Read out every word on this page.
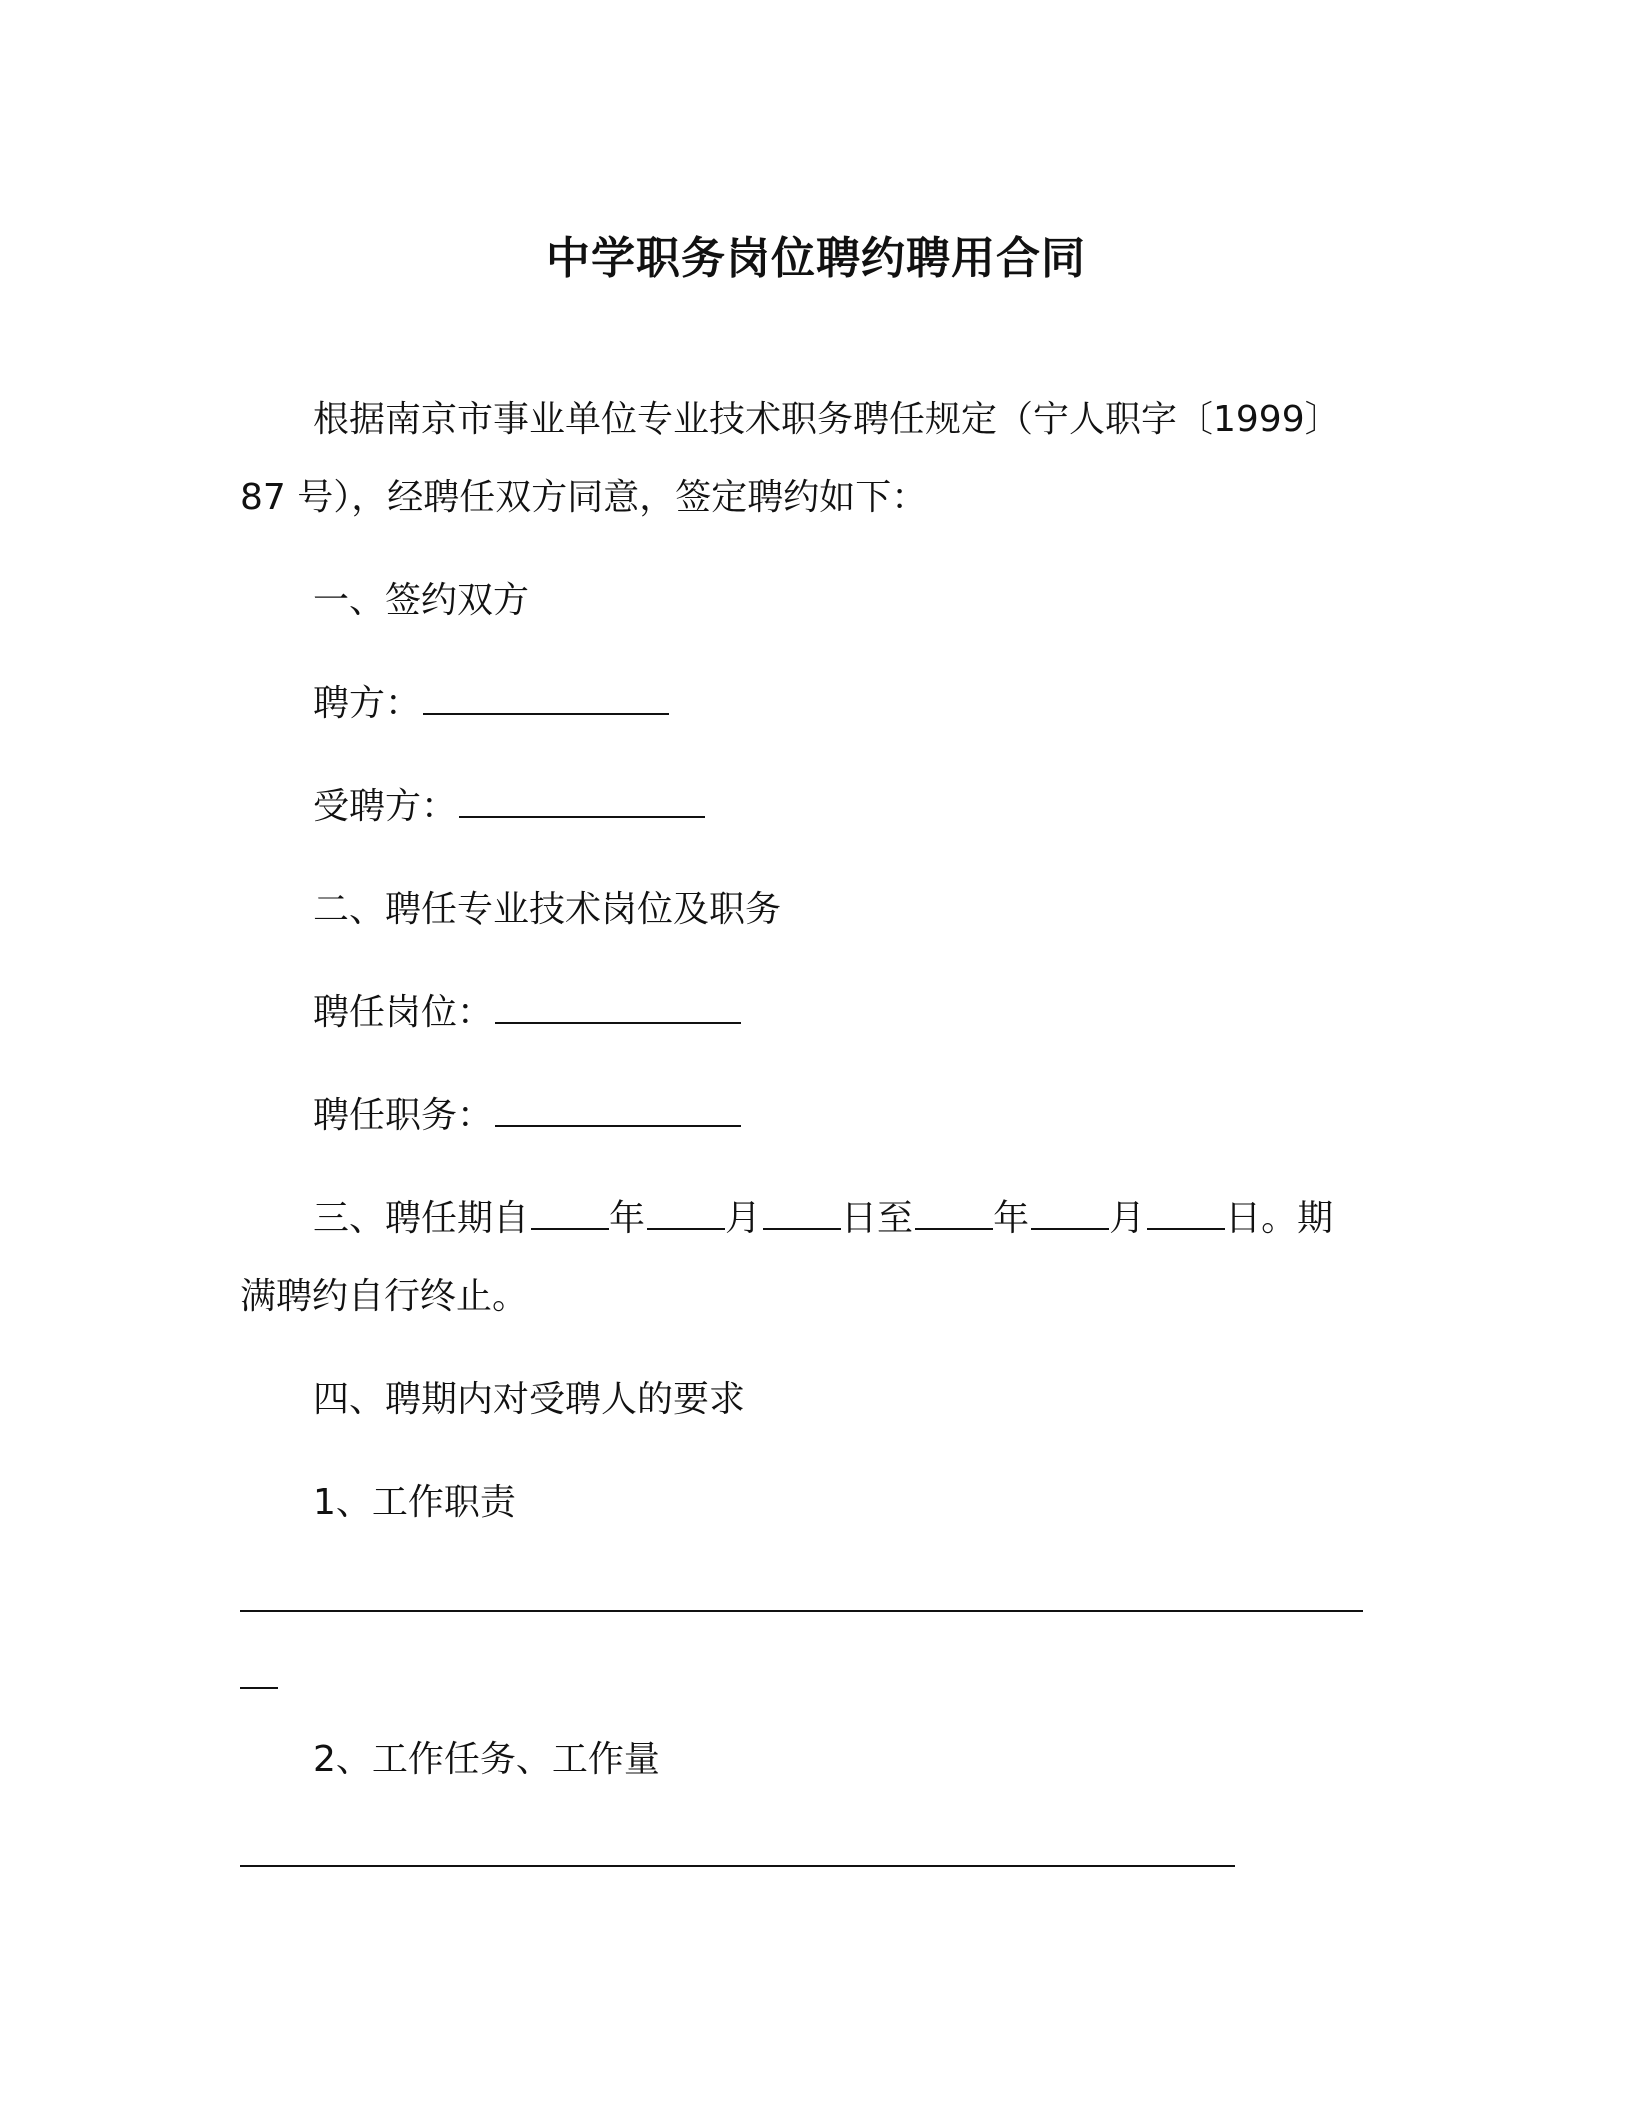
中学职务岗位聘约聘用合同
根据南京市事业单位专业技术职务聘任规定（宁人职字〔1999〕
87 号），经聘任双方同意，签定聘约如下：
一、签约双方
聘方：
受聘方：
二、聘任专业技术岗位及职务
聘任岗位：
聘任职务：
三、聘任期自 年 月 日至 年 月 日。期
满聘约自行终止。
四、聘期内对受聘人的要求
1、工作职责
2、工作任务、工作量
